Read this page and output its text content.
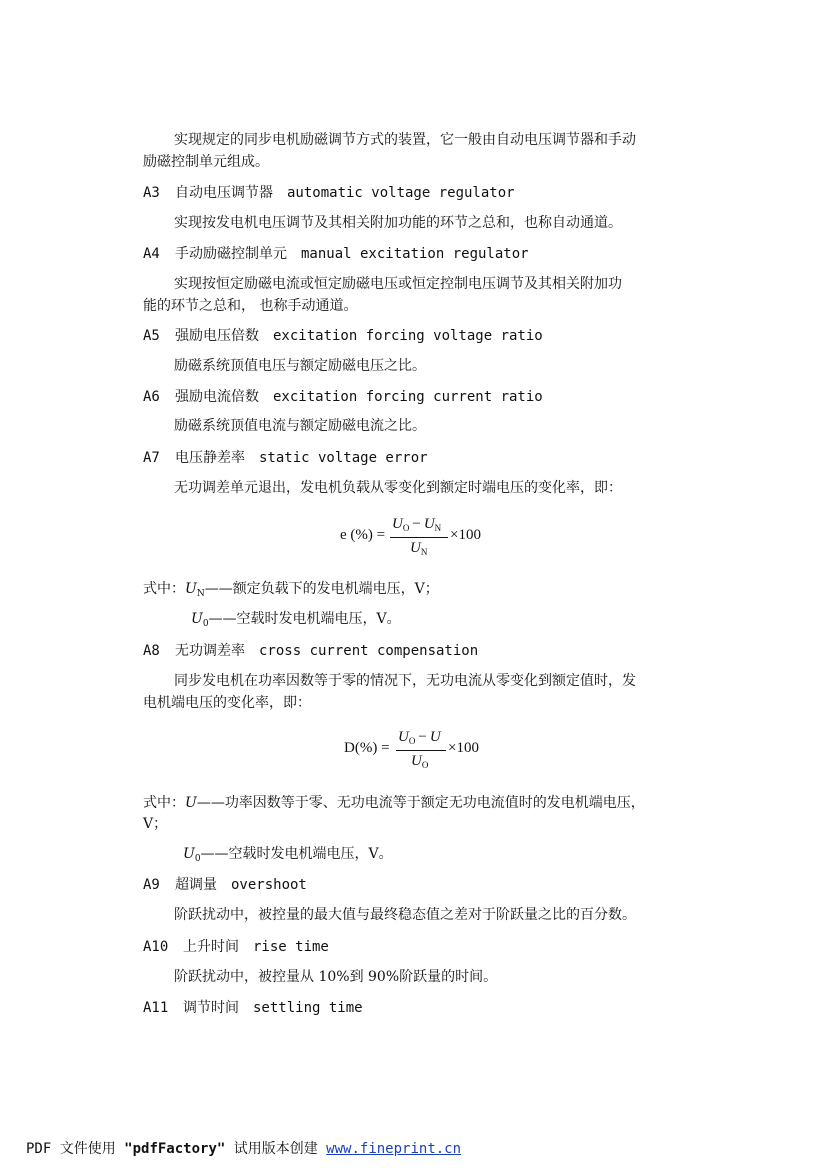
实现规定的同步电机励磁调节方式的装置，它一般由自动电压调节器和手动
励磁控制单元组成。
A3 自动电压调节器 automatic voltage regulator
实现按发电机电压调节及其相关附加功能的环节之总和，也称自动通道。
A4 手动励磁控制单元 manual excitation regulator
实现按恒定励磁电流或恒定励磁电压或恒定控制电压调节及其相关附加功
能的环节之总和， 也称手动通道。
A5 强励电压倍数 excitation forcing voltage ratio
励磁系统顶值电压与额定励磁电压之比。
A6 强励电流倍数 excitation forcing current ratio
励磁系统顶值电流与额定励磁电流之比。
A7 电压静差率 static voltage error
无功调差单元退出，发电机负载从零变化到额定时端电压的变化率，即：
e (%) =
$U_O - U_N$
$U_N$
×100
式中：$U_N——$额定负载下的发电机端电压，V；
$U_0——$空载时发电机端电压，V。
A8 无功调差率 cross current compensation
同步发电机在功率因数等于零的情况下，无功电流从零变化到额定值时，发
电机端电压的变化率，即：
D(%) =
$U_O - U$
$U_O$
×100
式中：U——功率因数等于零、无功电流等于额定无功电流值时的发电机端电压，
V；
$U_0——$空载时发电机端电压，V。
A9 超调量 overshoot
阶跃扰动中，被控量的最大值与最终稳态值之差对于阶跃量之比的百分数。
A10 上升时间 rise time
阶跃扰动中，被控量从 10%到 90%阶跃量的时间。
A11 调节时间 settling time
PDF 文件使用 "pdfFactory" 试用版本创建 www.fineprint.cn
